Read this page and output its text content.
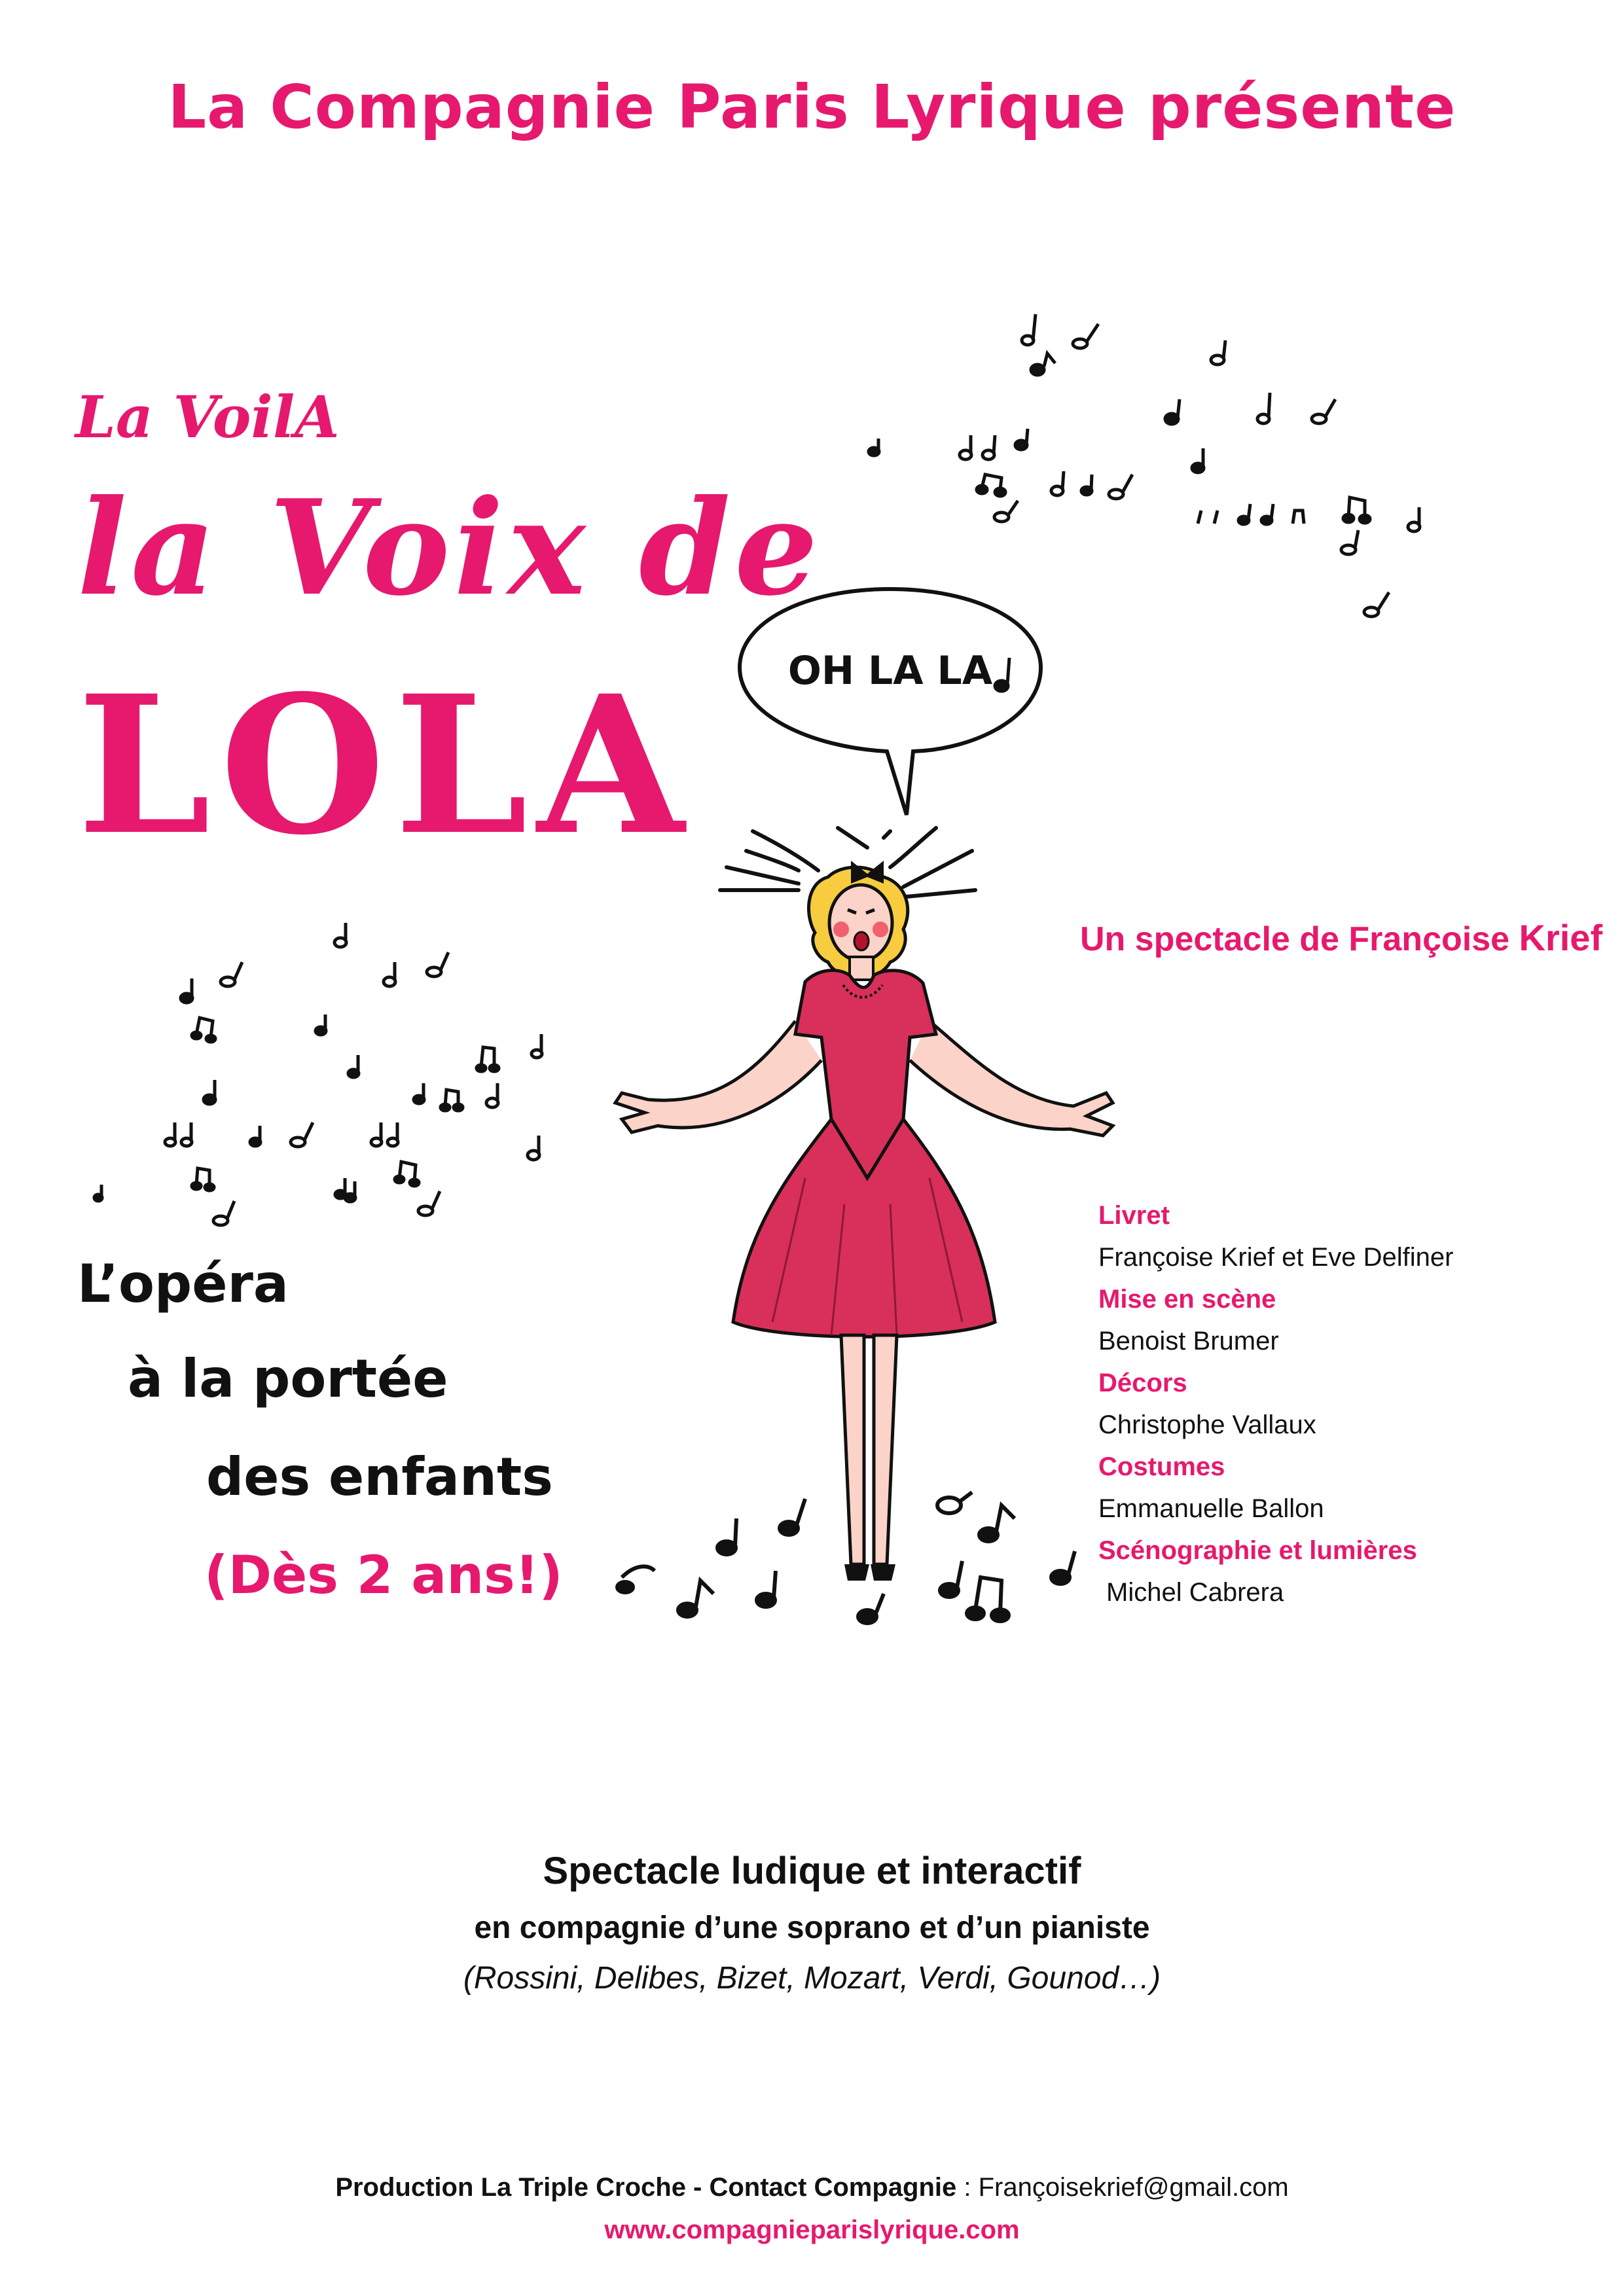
La Compagnie Paris Lyrique présente
La VoilA
la Voix de
LOLA OH LA LA
Un spectacle de Françoise Krief
L’opéra
à la portée
des enfants
(Dès 2 ans!)

Livret

Françoise Krief et Eve Delfiner

Mise en scène

Benoist Brumer

Décors

Christophe Vallaux

Costumes

Emmanuelle Ballon

Scénographie et lumières

Michel Cabrera

Spectacle ludique et interactif

en compagnie d’une soprano et d’un pianiste

(Rossini, Delibes, Bizet, Mozart, Verdi, Gounod…)

Production La Triple Croche - Contact Compagnie : Françoisekrief@gmail.com

www.compagnieparislyrique.com
